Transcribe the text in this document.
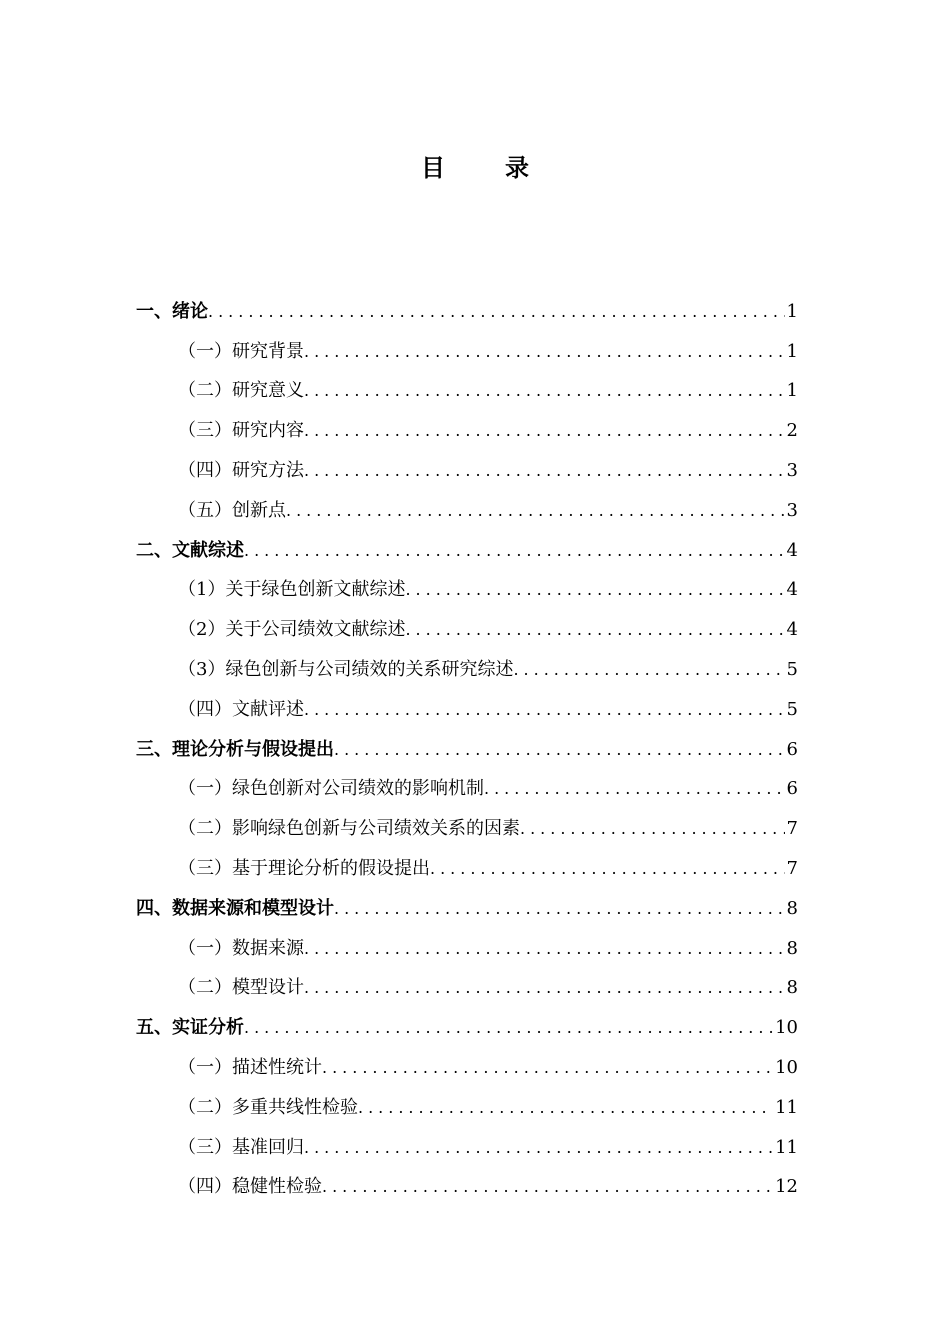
目	录
一、绪论 .....	1
（一）研究背景 .....	1
（二）研究意义 .....	1
（三）研究内容 .....	2
（四）研究方法 .....	3
（五）创新点 .....	3
二、文献综述 .....	4
（1）关于绿色创新文献综述 .....	4
（2）关于公司绩效文献综述 .....	4
（3）绿色创新与公司绩效的关系研究综述 .....	5
（四）文献评述 .....	5
三、理论分析与假设提出 .....	6
（一）绿色创新对公司绩效的影响机制 .....	6
（二）影响绿色创新与公司绩效关系的因素 .....	7
（三）基于理论分析的假设提出 .....	7
四、数据来源和模型设计 .....	8
（一）数据来源 .....	8
（二）模型设计 .....	8
五、实证分析 .....	10
（一）描述性统计 .....	10
（二）多重共线性检验 .....	11
（三）基准回归 .....	11
（四）稳健性检验 .....	12
